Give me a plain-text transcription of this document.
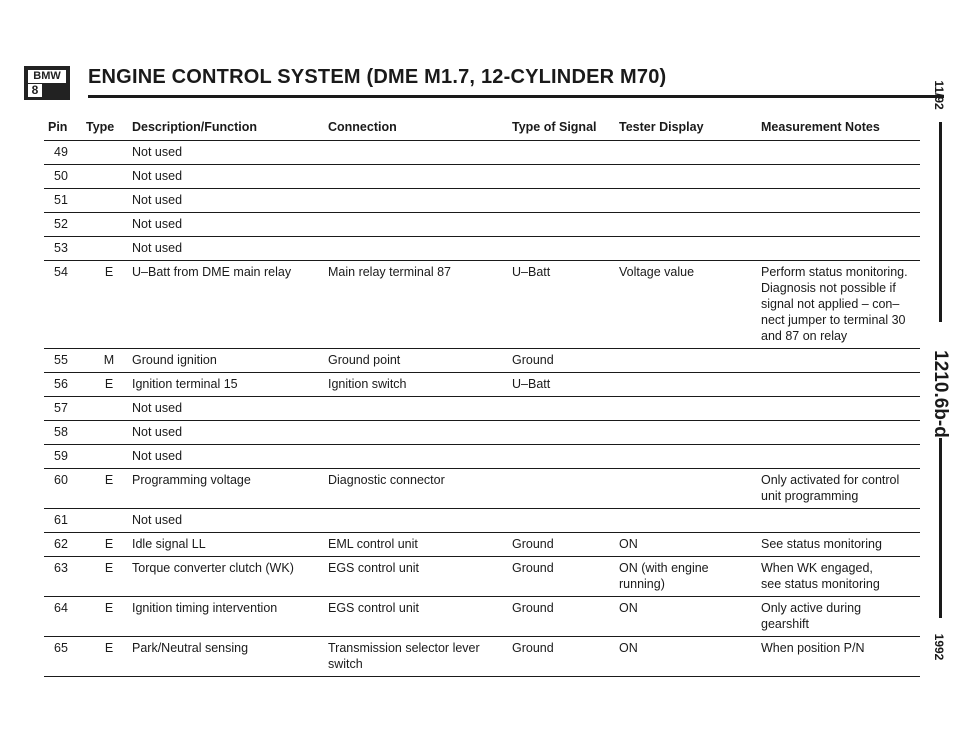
BMW
8
ENGINE CONTROL SYSTEM (DME M1.7, 12-CYLINDER M70)
11/92
1210.6b-d
1992
Pin	Type	Description/Function	Connection	Type of Signal	Tester Display	Measurement Notes
49		Not used				
50		Not used				
51		Not used				
52		Not used				
53		Not used				
54	E	U–Batt from DME main relay	Main relay terminal 87	U–Batt	Voltage value	Perform status monitoring.
Diagnosis not possible if
signal not applied – con–
nect jumper to terminal 30
and 87 on relay
55	M	Ground ignition	Ground point	Ground		
56	E	Ignition terminal 15	Ignition switch	U–Batt		
57		Not used				
58		Not used				
59		Not used				
60	E	Programming voltage	Diagnostic connector			Only activated for control
unit programming
61		Not used				
62	E	Idle signal LL	EML control unit	Ground	ON	See status monitoring
63	E	Torque converter clutch (WK)	EGS control unit	Ground	ON (with engine
running)	When WK engaged,
see status monitoring
64	E	Ignition timing intervention	EGS control unit	Ground	ON	Only active during
gearshift
65	E	Park/Neutral sensing	Transmission selector lever
switch	Ground	ON	When position P/N
